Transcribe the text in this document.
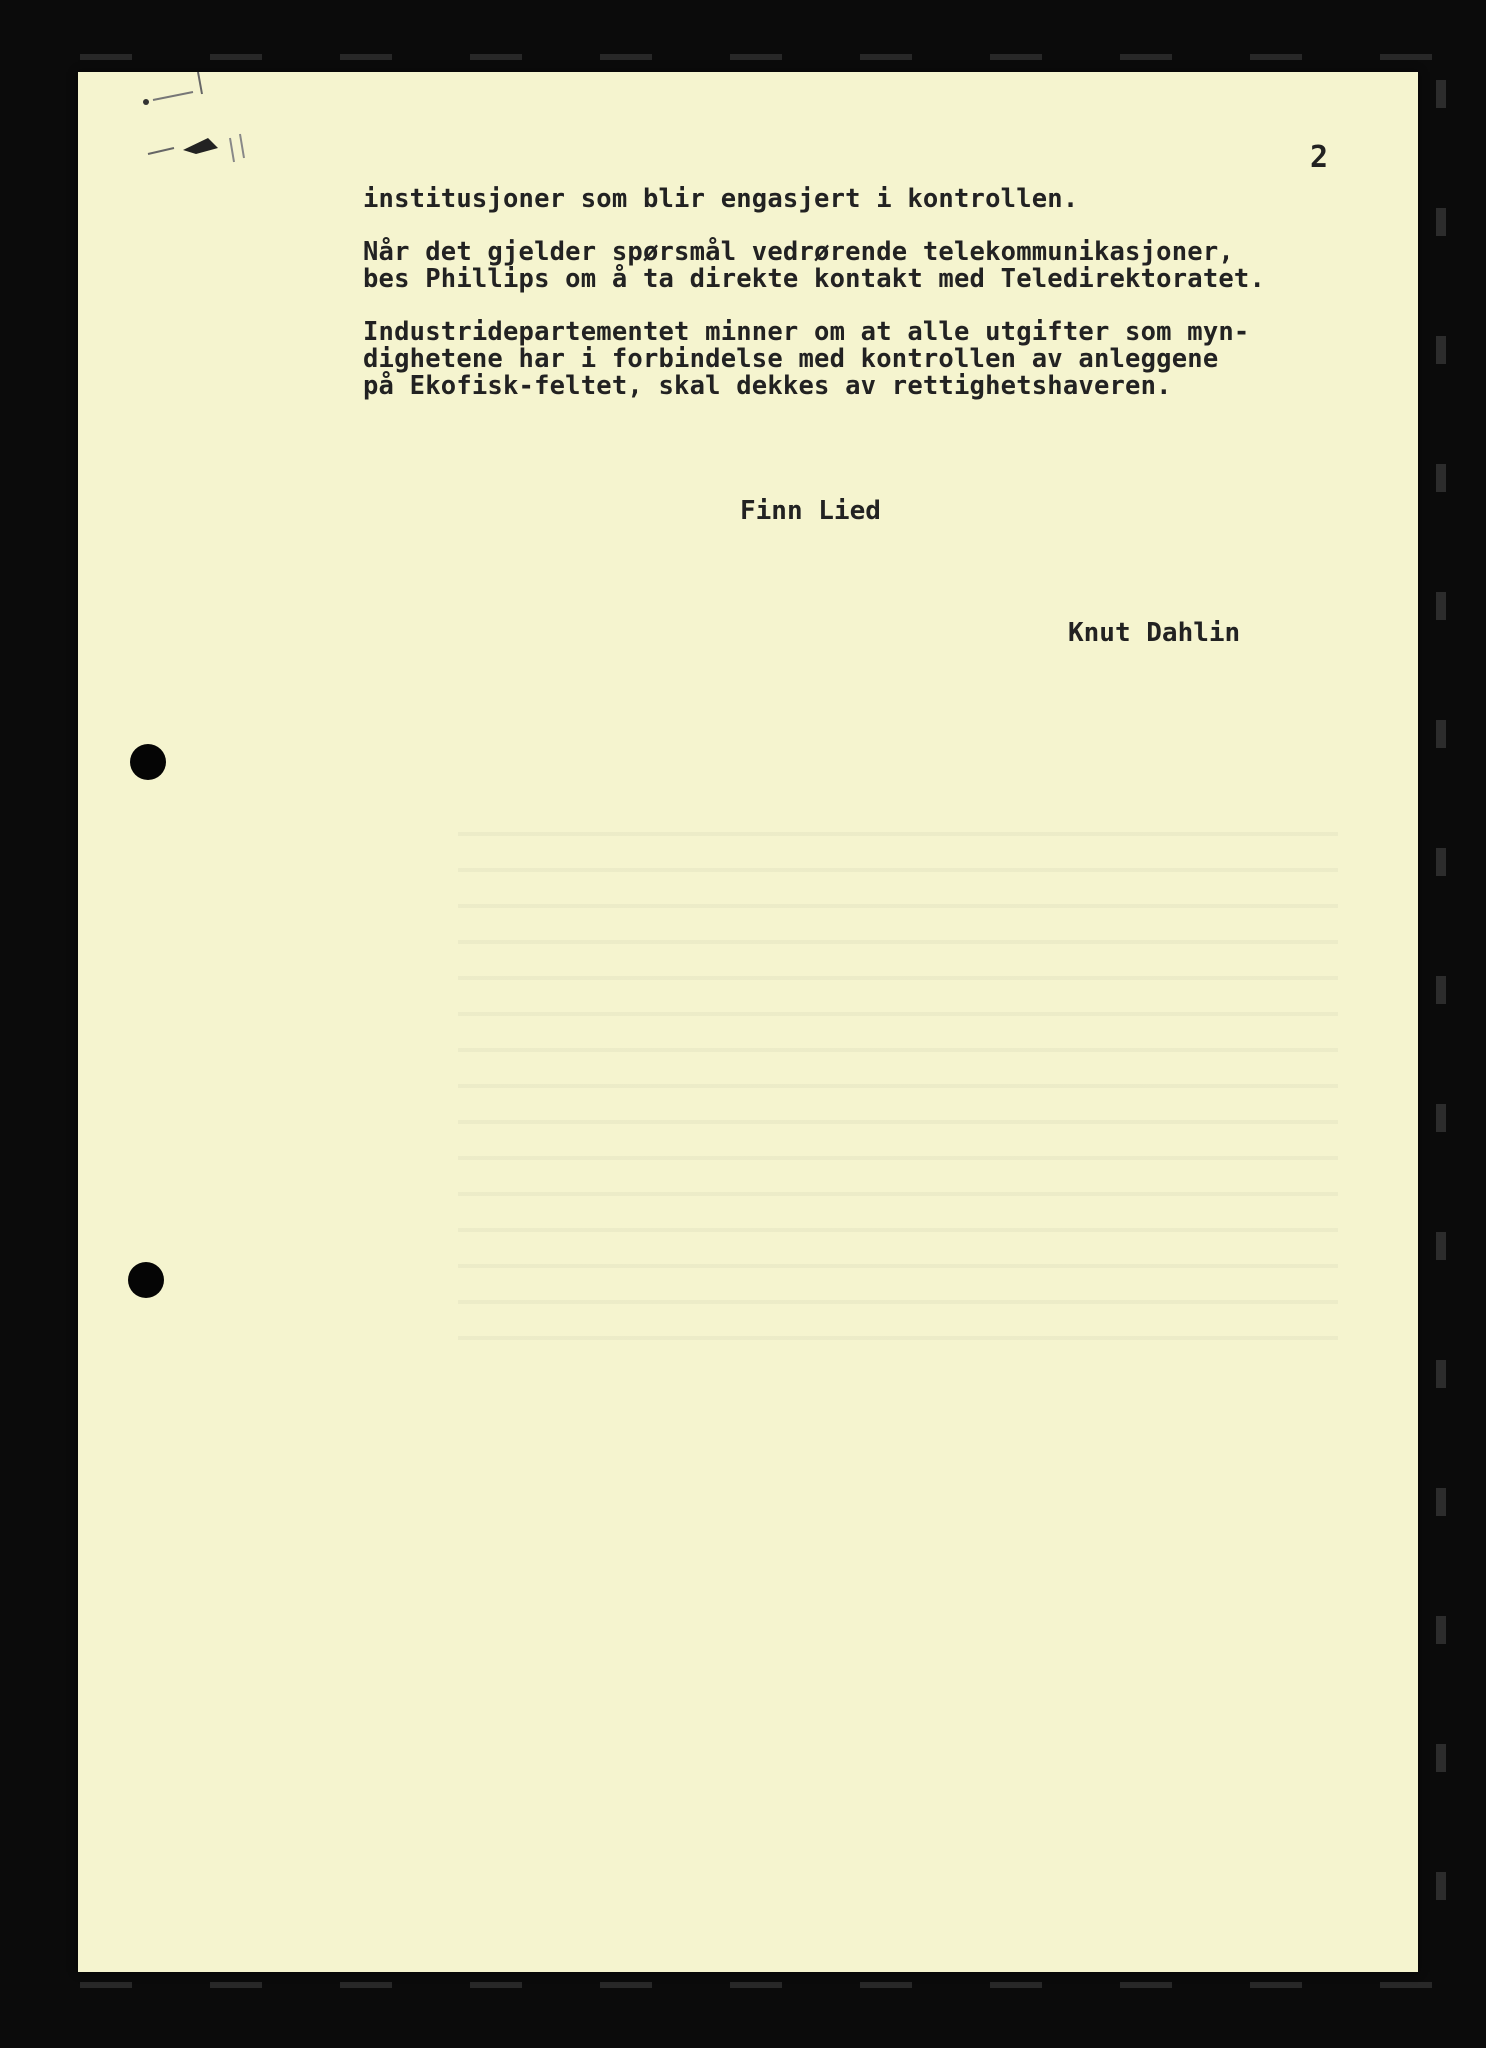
2

institusjoner som blir engasjert i kontrollen.

Når det gjelder spørsmål vedrørende telekommunikasjoner,
bes Phillips om å ta direkte kontakt med Teledirektoratet.

Industridepartementet minner om at alle utgifter som myn-
dighetene har i forbindelse med kontrollen av anleggene
på Ekofisk-feltet, skal dekkes av rettighetshaveren.

Finn Lied
Knut Dahlin
